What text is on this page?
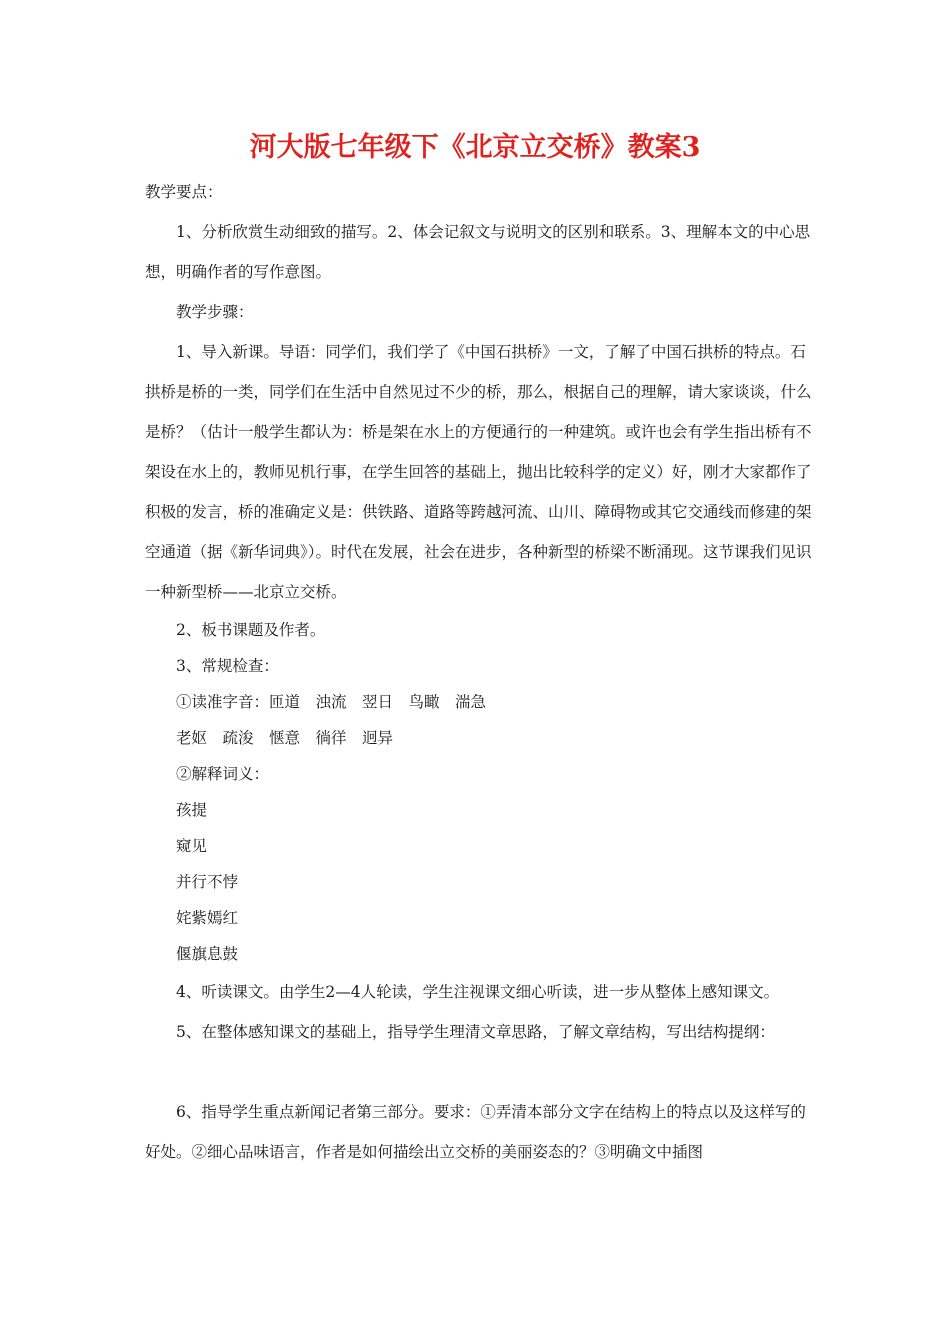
河大版七年级下《北京立交桥》教案3

教学要点：

1、分析欣赏生动细致的描写。2、体会记叙文与说明文的区别和联系。3、理解本文的中心思想，明确作者的写作意图。

教学步骤：

1、导入新课。导语：同学们，我们学了《中国石拱桥》一文，了解了中国石拱桥的特点。石拱桥是桥的一类，同学们在生活中自然见过不少的桥，那么，根据自己的理解，请大家谈谈，什么是桥？（估计一般学生都认为：桥是架在水上的方便通行的一种建筑。或许也会有学生指出桥有不架设在水上的，教师见机行事，在学生回答的基础上，抛出比较科学的定义）好，刚才大家都作了积极的发言，桥的准确定义是：供铁路、道路等跨越河流、山川、障碍物或其它交通线而修建的架空通道（据《新华词典》）。时代在发展，社会在进步，各种新型的桥梁不断涌现。这节课我们见识一种新型桥——北京立交桥。

2、板书课题及作者。

3、常规检查：

①读准字音：匝道　浊流　翌日　鸟瞰　湍急

老妪　疏浚　惬意　徜徉　迥异

②解释词义：

孩提

窥见

并行不悖

姹紫嫣红

偃旗息鼓

4、听读课文。由学生2—4人轮读，学生注视课文细心听读，进一步从整体上感知课文。

5、在整体感知课文的基础上，指导学生理清文章思路，了解文章结构，写出结构提纲：

6、指导学生重点新闻记者第三部分。要求：①弄清本部分文字在结构上的特点以及这样写的好处。②细心品味语言，作者是如何描绘出立交桥的美丽姿态的？③明确文中插图
